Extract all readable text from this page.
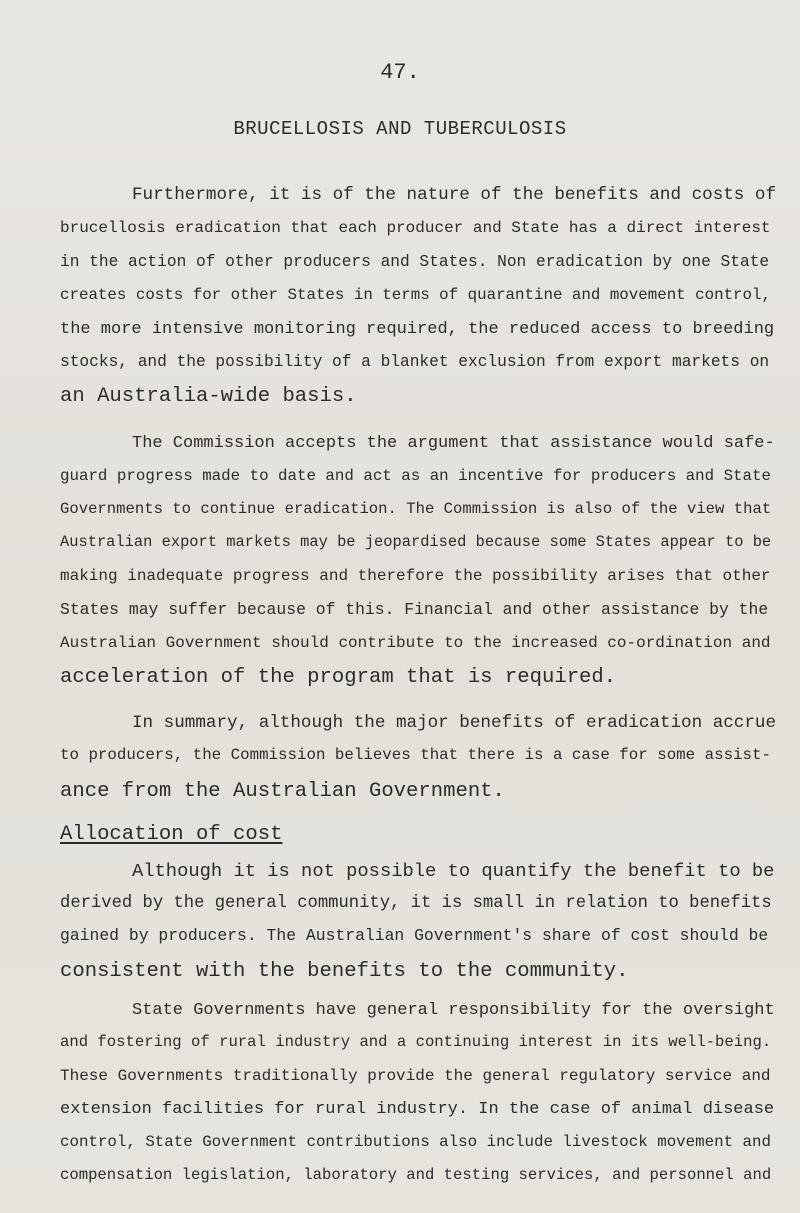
47.
BRUCELLOSIS AND TUBERCULOSIS
Furthermore, it is of the nature of the benefits and costs of
brucellosis eradication that each producer and State has a direct interest
in the action of other producers and States. Non eradication by one State
creates costs for other States in terms of quarantine and movement control,
the more intensive monitoring required, the reduced access to breeding
stocks, and the possibility of a blanket exclusion from export markets on
an Australia-wide basis.
The Commission accepts the argument that assistance would safe-
guard progress made to date and act as an incentive for producers and State
Governments to continue eradication. The Commission is also of the view that
Australian export markets may be jeopardised because some States appear to be
making inadequate progress and therefore the possibility arises that other
States may suffer because of this. Financial and other assistance by the
Australian Government should contribute to the increased co-ordination and
acceleration of the program that is required.
In summary, although the major benefits of eradication accrue
to producers, the Commission believes that there is a case for some assist-
ance from the Australian Government.
Allocation of cost
Although it is not possible to quantify the benefit to be
derived by the general community, it is small in relation to benefits
gained by producers. The Australian Government's share of cost should be
consistent with the benefits to the community.
State Governments have general responsibility for the oversight
and fostering of rural industry and a continuing interest in its well-being.
These Governments traditionally provide the general regulatory service and
extension facilities for rural industry. In the case of animal disease
control, State Government contributions also include livestock movement and
compensation legislation, laboratory and testing services, and personnel and
